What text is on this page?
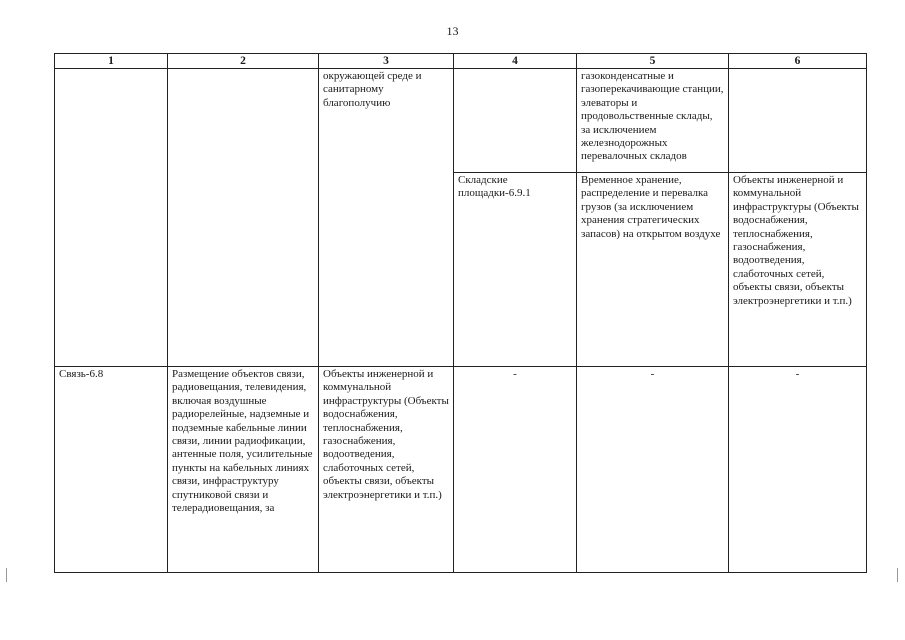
13
1	2	3	4	5	6
		окружающей среде и санитарному благополучию		газоконденсатные и газоперекачивающие станции, элеваторы и продовольственные склады, за исключением железнодорожных перевалочных складов	
			Складские площадки-6.9.1	Временное хранение, распределение и перевалка грузов (за исключением хранения стратегических запасов) на открытом воздухе	Объекты инженерной и коммунальной инфраструктуры (Объекты водоснабжения, теплоснабжения, газоснабжения, водоотведения, слаботочных сетей, объекты связи, объекты электроэнергетики и т.п.)
Связь-6.8	Размещение объектов связи, радиовещания, телевидения, включая воздушные радиорелейные, надземные и подземные кабельные линии связи, линии радиофикации, антенные поля, усилительные пункты на кабельных линиях связи, инфраструктуру спутниковой связи и телерадиовещания, за	Объекты инженерной и коммунальной инфраструктуры (Объекты водоснабжения, теплоснабжения, газоснабжения, водоотведения, слаботочных сетей, объекты связи, объекты электроэнергетики и т.п.)	-	-	-
